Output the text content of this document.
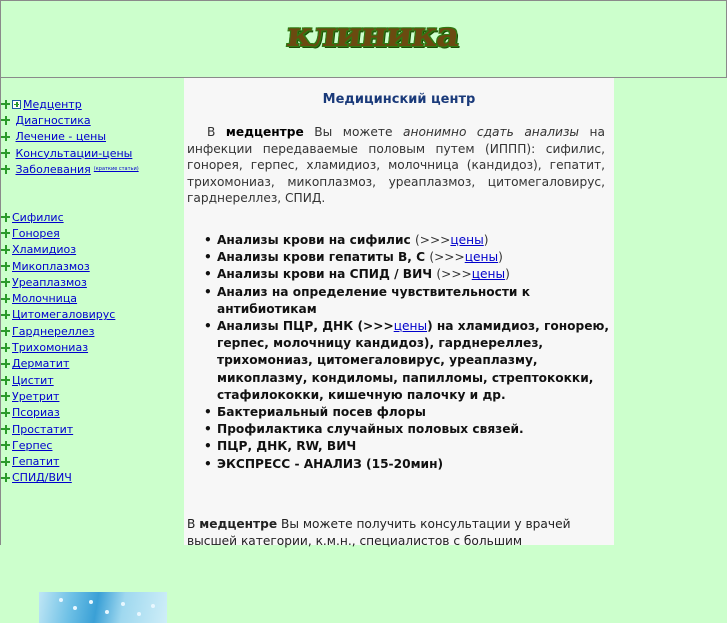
клиника
Медцентр

Диагностика

Лечение - цены

Консультации-цены

Заболевания (краткие статьи)
Сифилис
Гонорея
Хламидиоз
Микоплазмоз
Уреаплазмоз
Молочница
Цитомегаловирус
Гарднереллез
Трихомониаз
Дерматит
Цистит
Уретрит
Псориаз
Простатит
Герпес
Гепатит
СПИД/ВИЧ
Медицинский центр

В медцентре Вы можете анонимно сдать анализы на инфекции передаваемые половым путем (ИППП): сифилис, гонорея, герпес, хламидиоз, молочница (кандидоз), гепатит, трихомониаз, микоплазмоз, уреаплазмоз, цитомегаловирус, гарднереллез, СПИД.

• Анализы крови на сифилис (>>>цены)
• Анализы крови гепатиты В, С (>>>цены)
• Анализы крови на СПИД / ВИЧ (>>>цены)
• Анализ на определение чувствительности к антибиотикам
• Анализы ПЦР, ДНК (>>>цены) на хламидиоз, гонорею, герпес, молочницу кандидоз), гарднереллез, трихомониаз, цитомегаловирус, уреаплазму, микоплазму, кондиломы, папилломы, стрептококки, стафилококки, кишечную палочку и др.
• Бактериальный посев флоры
• Профилактика случайных половых связей.
• ПЦР, ДНК, RW, ВИЧ
• ЭКСПРЕСС - АНАЛИЗ (15-20мин)
В медцентре Вы можете получить консультации у врачей высшей категории, к.м.н., специалистов с большим
